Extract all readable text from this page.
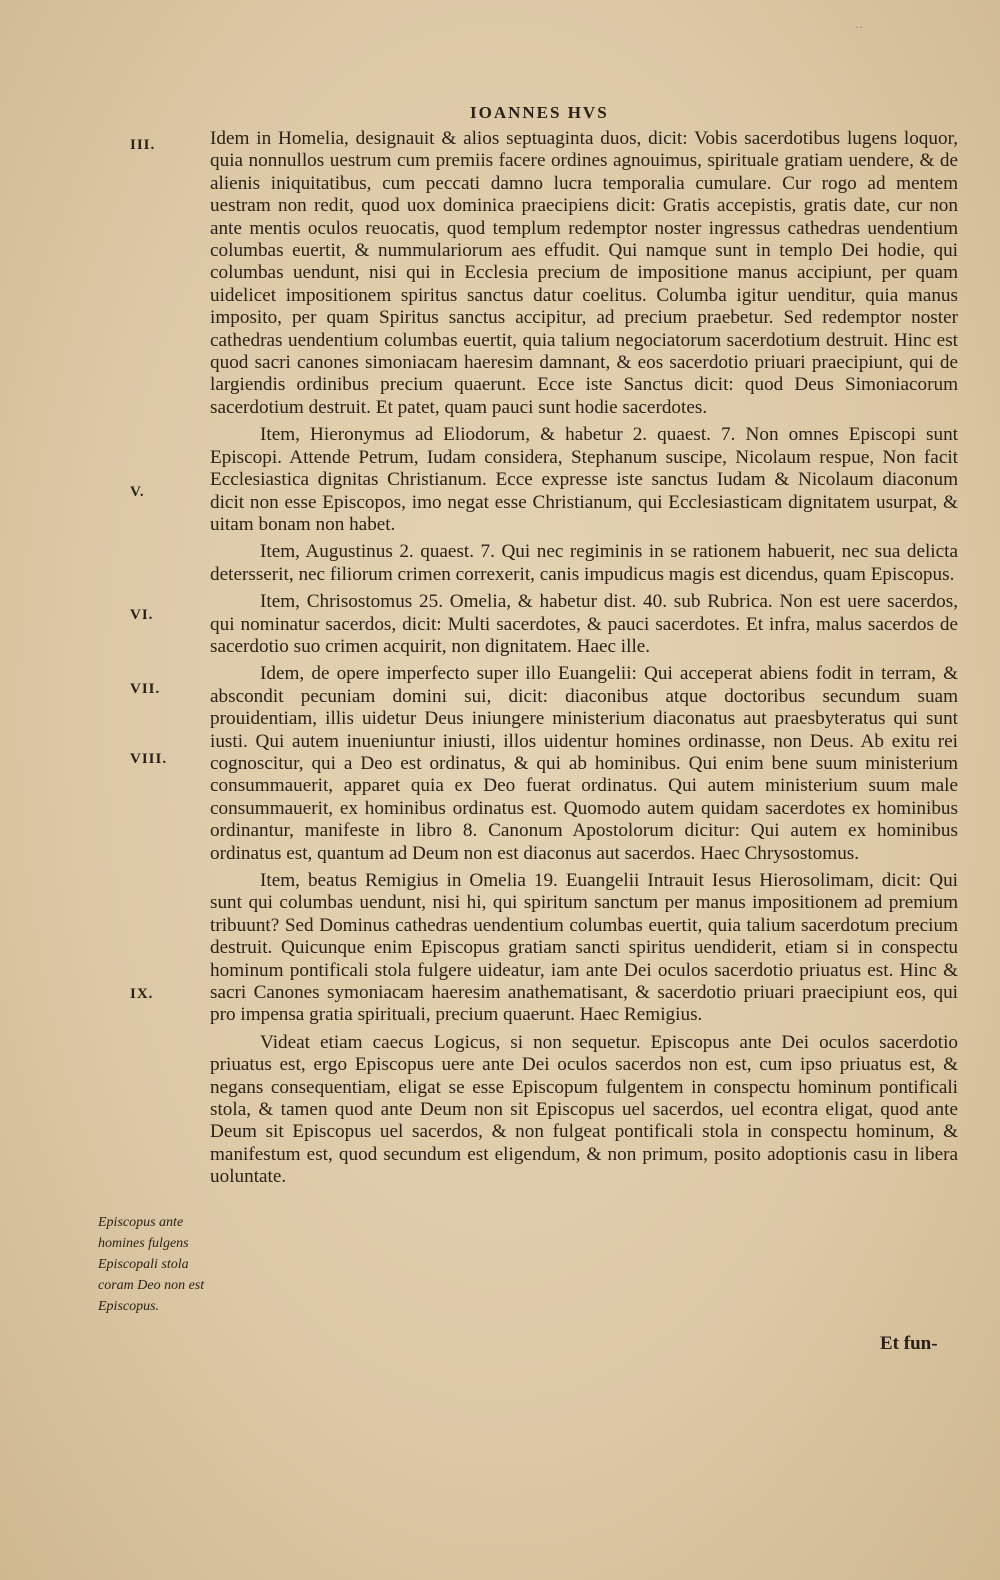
··
IOANNES HVS
III.
V.
VI.
VII.
VIII.
IX.

Idem in Homelia, designauit & alios septuaginta duos, dicit: Vobis sacerdotibus lugens loquor, quia nonnullos uestrum cum premiis facere ordines agnouimus, spirituale gratiam uendere, & de alienis iniquitatibus, cum peccati damno lucra temporalia cumulare. Cur rogo ad mentem uestram non redit, quod uox dominica praecipiens dicit: Gratis accepistis, gratis date, cur non ante mentis oculos reuocatis, quod templum redemptor noster ingressus cathedras uendentium columbas euertit, & nummulariorum aes effudit. Qui namque sunt in templo Dei hodie, qui columbas uendunt, nisi qui in Ecclesia precium de impositione manus accipiunt, per quam uidelicet impositionem spiritus sanctus datur coelitus. Columba igitur uenditur, quia manus imposito, per quam Spiritus sanctus accipitur, ad precium praebetur. Sed redemptor noster cathedras uendentium columbas euertit, quia talium negociatorum sacerdotium destruit. Hinc est quod sacri canones simoniacam haeresim damnant, & eos sacerdotio priuari praecipiunt, qui de largiendis ordinibus precium quaerunt. Ecce iste Sanctus dicit: quod Deus Simoniacorum sacerdotium destruit. Et patet, quam pauci sunt hodie sacerdotes.

Item, Hieronymus ad Eliodorum, & habetur 2. quaest. 7. Non omnes Episcopi sunt Episcopi. Attende Petrum, Iudam considera, Stephanum suscipe, Nicolaum respue, Non facit Ecclesiastica dignitas Christianum. Ecce expresse iste sanctus Iudam & Nicolaum diaconum dicit non esse Episcopos, imo negat esse Christianum, qui Ecclesiasticam dignitatem usurpat, & uitam bonam non habet.

Item, Augustinus 2. quaest. 7. Qui nec regiminis in se rationem habuerit, nec sua delicta detersserit, nec filiorum crimen correxerit, canis impudicus magis est dicendus, quam Episcopus.

Item, Chrisostomus 25. Omelia, & habetur dist. 40. sub Rubrica. Non est uere sacerdos, qui nominatur sacerdos, dicit: Multi sacerdotes, & pauci sacerdotes. Et infra, malus sacerdos de sacerdotio suo crimen acquirit, non dignitatem. Haec ille.

Idem, de opere imperfecto super illo Euangelii: Qui acceperat abiens fodit in terram, & abscondit pecuniam domini sui, dicit: diaconibus atque doctoribus secundum suam prouidentiam, illis uidetur Deus iniungere ministerium diaconatus aut praesbyteratus qui sunt iusti. Qui autem inueniuntur iniusti, illos uidentur homines ordinasse, non Deus. Ab exitu rei cognoscitur, qui a Deo est ordinatus, & qui ab hominibus. Qui enim bene suum ministerium consummauerit, apparet quia ex Deo fuerat ordinatus. Qui autem ministerium suum male consummauerit, ex hominibus ordinatus est. Quomodo autem quidam sacerdotes ex hominibus ordinantur, manifeste in libro 8. Canonum Apostolorum dicitur: Qui autem ex hominibus ordinatus est, quantum ad Deum non est diaconus aut sacerdos. Haec Chrysostomus.

Item, beatus Remigius in Omelia 19. Euangelii Intrauit Iesus Hierosolimam, dicit: Qui sunt qui columbas uendunt, nisi hi, qui spiritum sanctum per manus impositionem ad premium tribuunt? Sed Dominus cathedras uendentium columbas euertit, quia talium sacerdotum precium destruit. Quicunque enim Episcopus gratiam sancti spiritus uendiderit, etiam si in conspectu hominum pontificali stola fulgere uideatur, iam ante Dei oculos sacerdotio priuatus est. Hinc & sacri Canones symoniacam haeresim anathematisant, & sacerdotio priuari praecipiunt eos, qui pro impensa gratia spirituali, precium quaerunt. Haec Remigius.

Videat etiam caecus Logicus, si non sequetur. Episcopus ante Dei oculos sacerdotio priuatus est, ergo Episcopus uere ante Dei oculos sacerdos non est, cum ipso priuatus est, & negans consequentiam, eligat se esse Episcopum fulgentem in conspectu hominum pontificali stola, & tamen quod ante Deum non sit Episcopus uel sacerdos, uel econtra eligat, quod ante Deum sit Episcopus uel sacerdos, & non fulgeat pontificali stola in conspectu hominum, & manifestum est, quod secundum est eligendum, & non primum, posito adoptionis casu in libera uoluntate.

Episcopus ante homines fulgens Episcopali stola coram Deo non est Episcopus.
Et fun-
